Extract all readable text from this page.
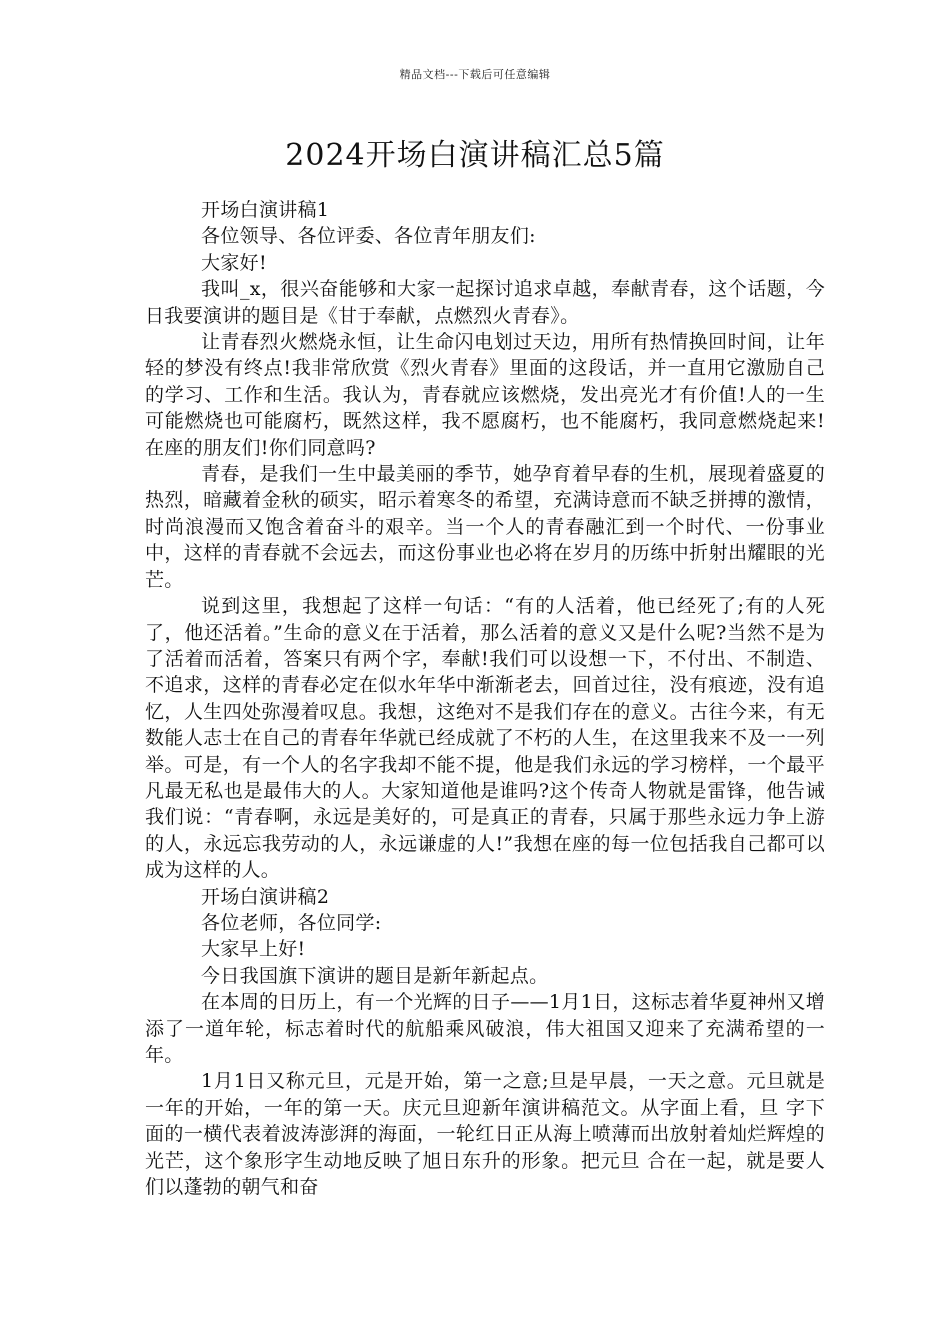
精品文档---下载后可任意编辑
2024开场白演讲稿汇总5篇

开场白演讲稿1

各位领导、各位评委、各位青年朋友们:

大家好!

我叫_x，很兴奋能够和大家一起探讨追求卓越，奉献青春，这个话题，今日我要演讲的题目是《甘于奉献，点燃烈火青春》。

让青春烈火燃烧永恒，让生命闪电划过天边，用所有热情换回时间，让年轻的梦没有终点!我非常欣赏《烈火青春》里面的这段话，并一直用它激励自己的学习、工作和生活。我认为，青春就应该燃烧，发出亮光才有价值!人的一生可能燃烧也可能腐朽，既然这样，我不愿腐朽，也不能腐朽，我同意燃烧起来!在座的朋友们!你们同意吗?

青春，是我们一生中最美丽的季节，她孕育着早春的生机，展现着盛夏的热烈，暗藏着金秋的硕实，昭示着寒冬的希望，充满诗意而不缺乏拼搏的激情，时尚浪漫而又饱含着奋斗的艰辛。当一个人的青春融汇到一个时代、一份事业中，这样的青春就不会远去，而这份事业也必将在岁月的历练中折射出耀眼的光芒。

说到这里，我想起了这样一句话：“有的人活着，他已经死了;有的人死了，他还活着。”生命的意义在于活着，那么活着的意义又是什么呢?当然不是为了活着而活着，答案只有两个字，奉献!我们可以设想一下，不付出、不制造、不追求，这样的青春必定在似水年华中渐渐老去，回首过往，没有痕迹，没有追忆，人生四处弥漫着叹息。我想，这绝对不是我们存在的意义。古往今来，有无数能人志士在自己的青春年华就已经成就了不朽的人生，在这里我来不及一一列举。可是，有一个人的名字我却不能不提，他是我们永远的学习榜样，一个最平凡最无私也是最伟大的人。大家知道他是谁吗?这个传奇人物就是雷锋，他告诫我们说：“青春啊，永远是美好的，可是真正的青春，只属于那些永远力争上游的人，永远忘我劳动的人，永远谦虚的人!”我想在座的每一位包括我自己都可以成为这样的人。

开场白演讲稿2

各位老师，各位同学:

大家早上好!

今日我国旗下演讲的题目是新年新起点。

在本周的日历上，有一个光辉的日子——1月1日，这标志着华夏神州又增添了一道年轮，标志着时代的航船乘风破浪，伟大祖国又迎来了充满希望的一年。

1月1日又称元旦，元是开始，第一之意;旦是早晨，一天之意。元旦就是一年的开始，一年的第一天。庆元旦迎新年演讲稿范文。从字面上看，旦 字下面的一横代表着波涛澎湃的海面，一轮红日正从海上喷薄而出放射着灿烂辉煌的光芒，这个象形字生动地反映了旭日东升的形象。把元旦 合在一起，就是要人们以蓬勃的朝气和奋
